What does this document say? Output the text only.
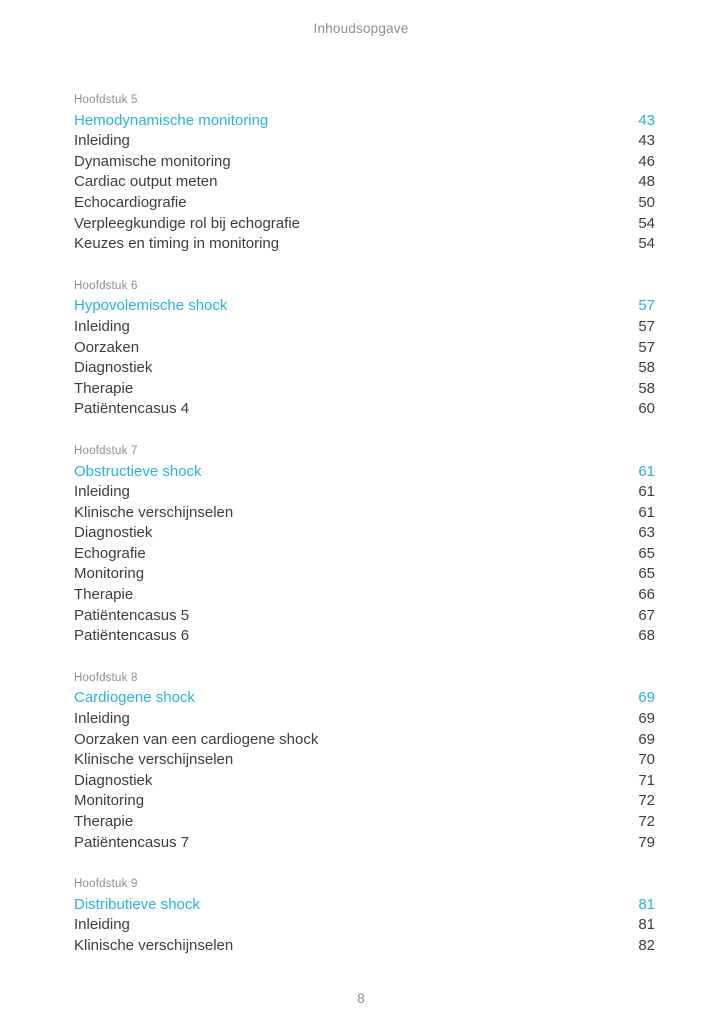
Inhoudsopgave
Hoofdstuk 5
Hemodynamische monitoring	43
Inleiding	43
Dynamische monitoring	46
Cardiac output meten	48
Echocardiografie	50
Verpleegkundige rol bij echografie	54
Keuzes en timing in monitoring	54
Hoofdstuk 6
Hypovolemische shock	57
Inleiding	57
Oorzaken	57
Diagnostiek	58
Therapie	58
Patiëntencasus 4	60
Hoofdstuk 7
Obstructieve shock	61
Inleiding	61
Klinische verschijnselen	61
Diagnostiek	63
Echografie	65
Monitoring	65
Therapie	66
Patiëntencasus 5	67
Patiëntencasus 6	68
Hoofdstuk 8
Cardiogene shock	69
Inleiding	69
Oorzaken van een cardiogene shock	69
Klinische verschijnselen	70
Diagnostiek	71
Monitoring	72
Therapie	72
Patiëntencasus 7	79
Hoofdstuk 9
Distributieve shock	81
Inleiding	81
Klinische verschijnselen	82
8
